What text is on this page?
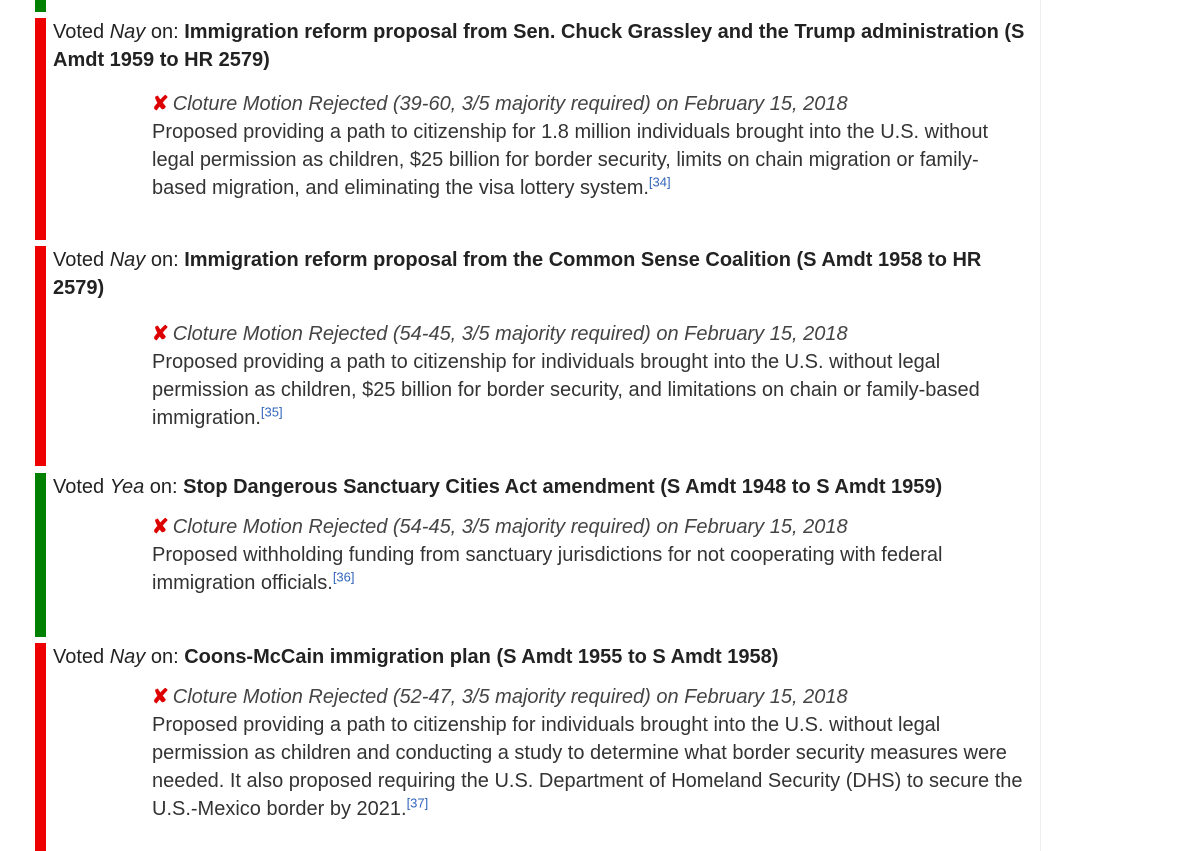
Voted Nay on: Immigration reform proposal from Sen. Chuck Grassley and the Trump administration (S Amdt 1959 to HR 2579)
✘ Cloture Motion Rejected (39-60, 3/5 majority required) on February 15, 2018
Proposed providing a path to citizenship for 1.8 million individuals brought into the U.S. without legal permission as children, $25 billion for border security, limits on chain migration or family-based migration, and eliminating the visa lottery system.[34]
Voted Nay on: Immigration reform proposal from the Common Sense Coalition (S Amdt 1958 to HR 2579)
✘ Cloture Motion Rejected (54-45, 3/5 majority required) on February 15, 2018
Proposed providing a path to citizenship for individuals brought into the U.S. without legal permission as children, $25 billion for border security, and limitations on chain or family-based immigration.[35]
Voted Yea on: Stop Dangerous Sanctuary Cities Act amendment (S Amdt 1948 to S Amdt 1959)
✘ Cloture Motion Rejected (54-45, 3/5 majority required) on February 15, 2018
Proposed withholding funding from sanctuary jurisdictions for not cooperating with federal immigration officials.[36]
Voted Nay on: Coons-McCain immigration plan (S Amdt 1955 to S Amdt 1958)
✘ Cloture Motion Rejected (52-47, 3/5 majority required) on February 15, 2018
Proposed providing a path to citizenship for individuals brought into the U.S. without legal permission as children and conducting a study to determine what border security measures were needed. It also proposed requiring the U.S. Department of Homeland Security (DHS) to secure the U.S.-Mexico border by 2021.[37]
